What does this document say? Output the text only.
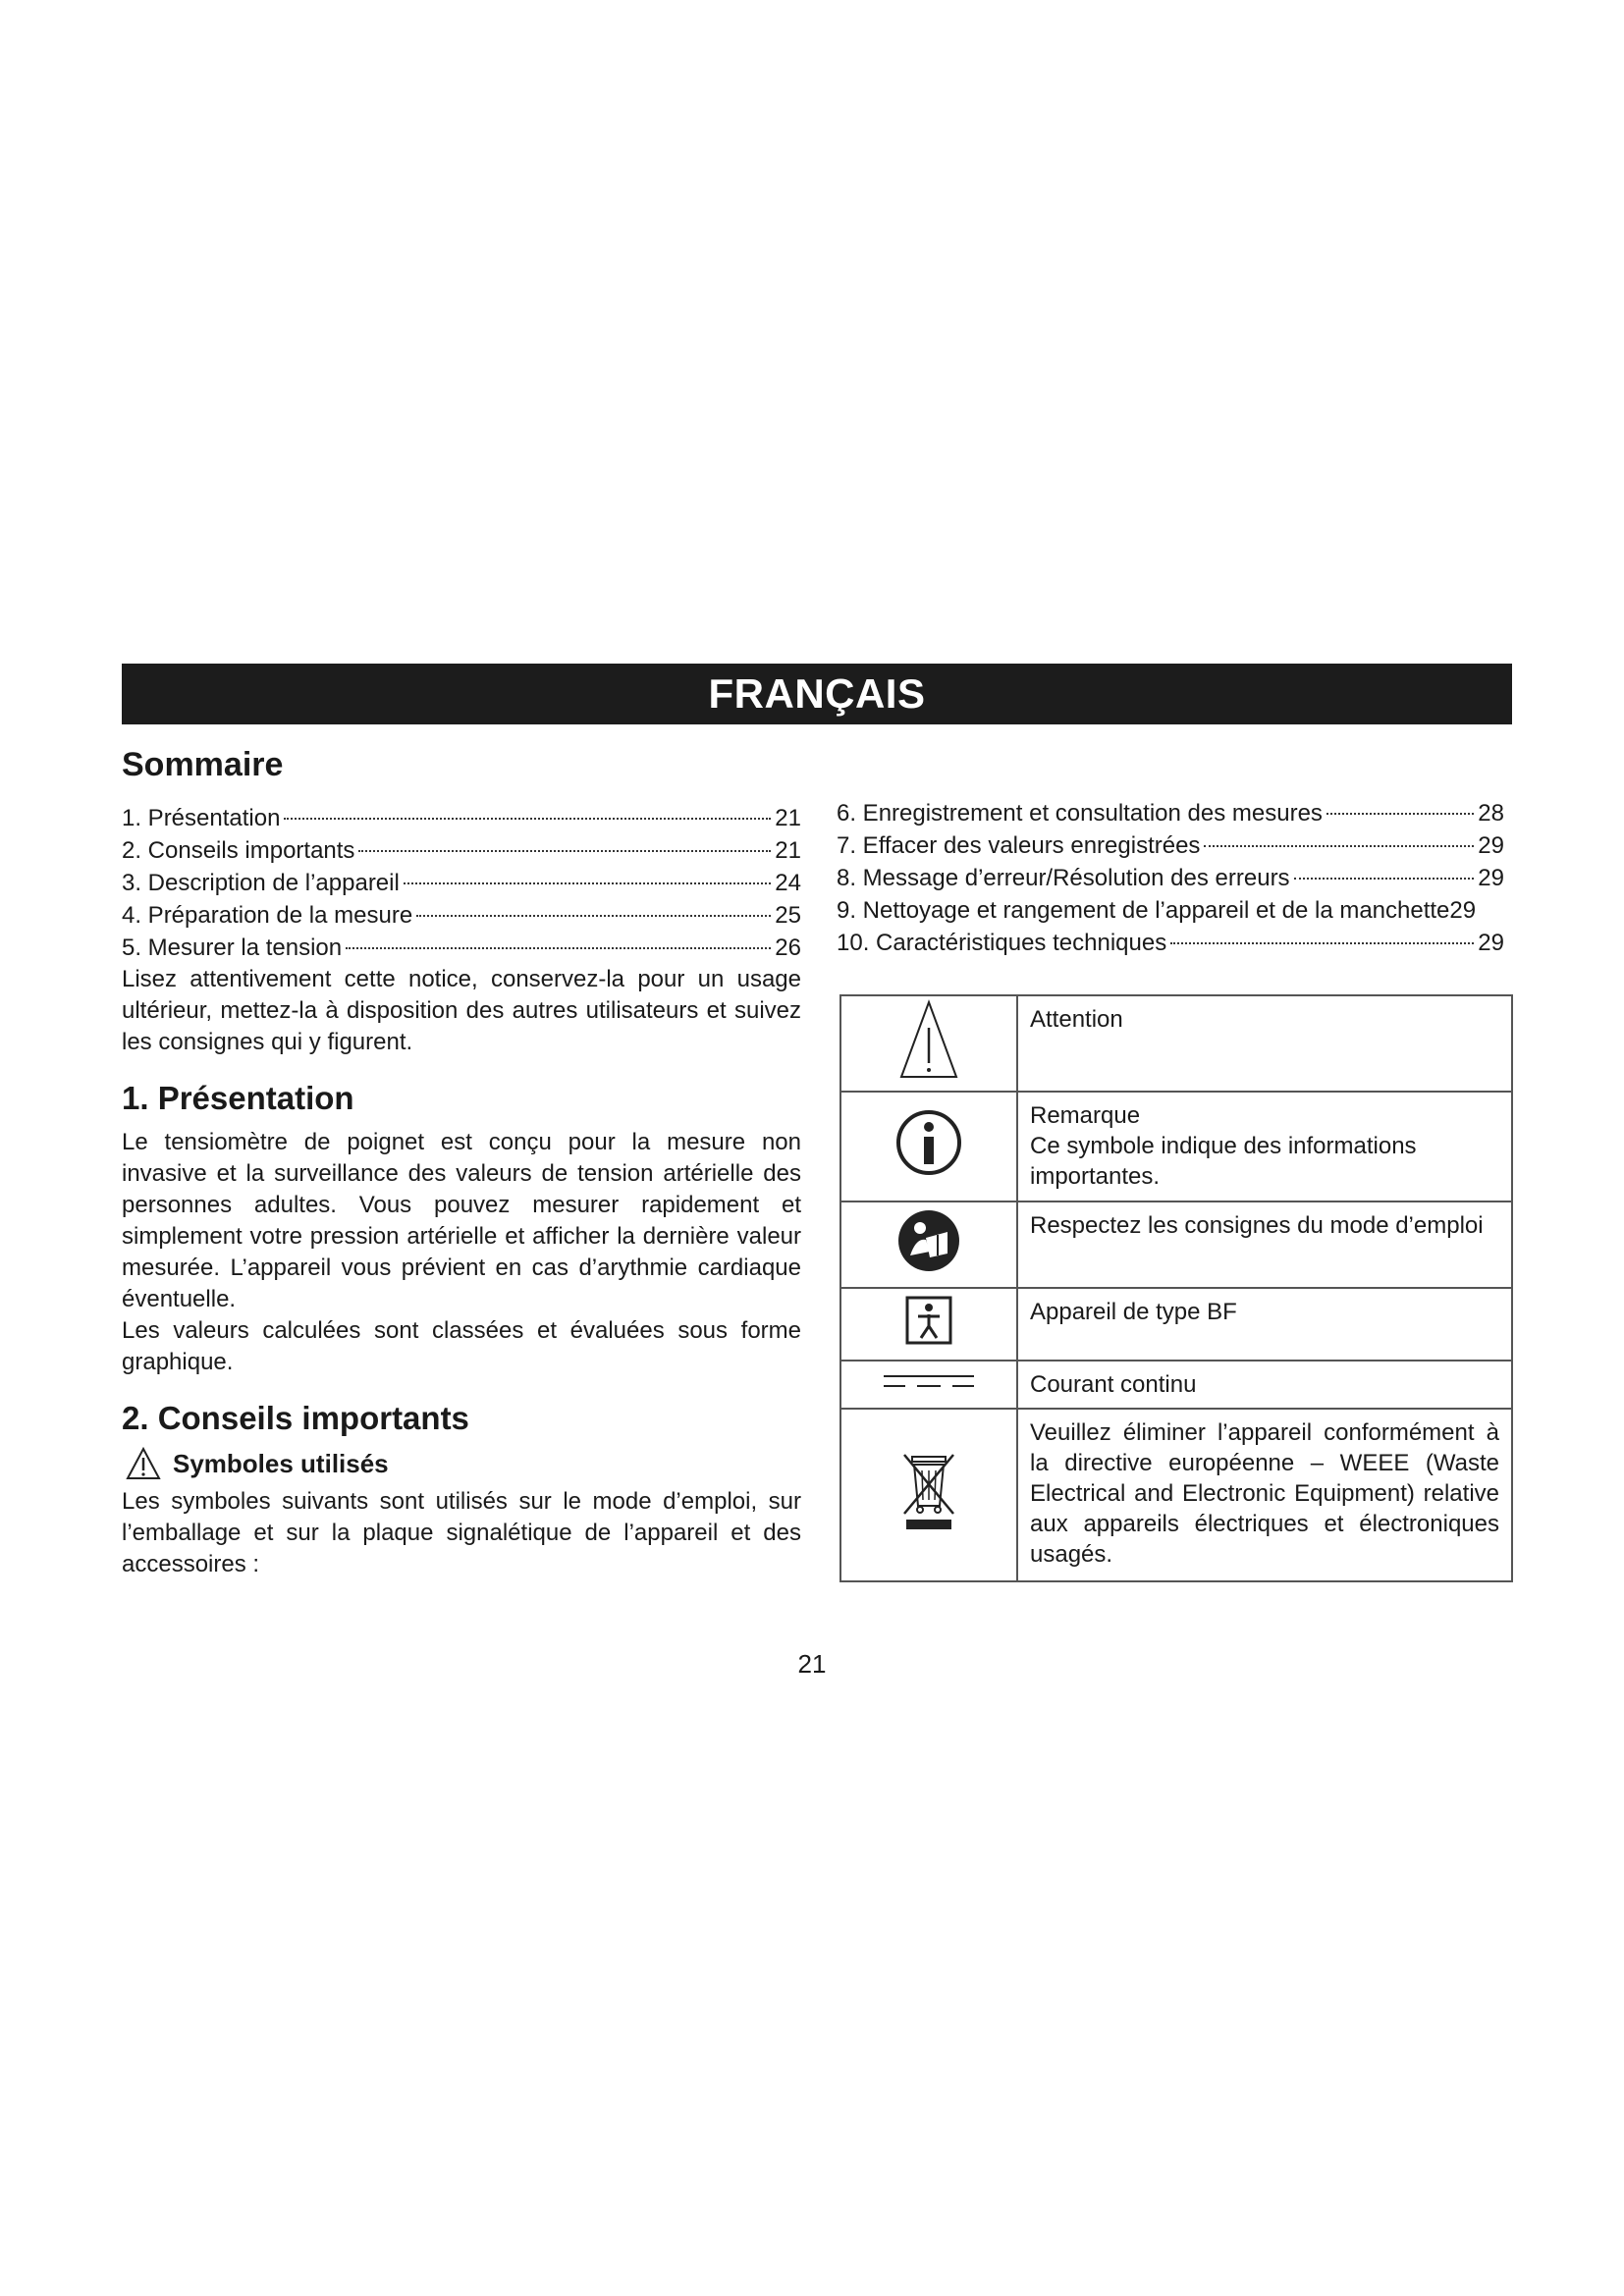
FRANÇAIS
Sommaire
1. Présentation	21
2. Conseils importants	21
3. Description de l’appareil	24
4. Préparation de la mesure	25
5. Mesurer la tension	26

Lisez attentivement cette notice, conservez-la pour un usage ultérieur, mettez-la à disposition des autres utilisateurs et suivez les consignes qui y figurent.

1. Présentation

Le tensiomètre de poignet est conçu pour la mesure non invasive et la surveillance des valeurs de tension artérielle des personnes adultes. Vous pouvez mesurer rapidement et simplement votre pression artérielle et afficher la dernière valeur mesurée. L’appareil vous prévient en cas d’arythmie cardiaque éventuelle.

Les valeurs calculées sont classées et évaluées sous forme graphique.

2. Conseils importants
Symboles utilisés

Les symboles suivants sont utilisés sur le mode d’emploi, sur l’emballage et sur la plaque signalétique de l’appareil et des accessoires :

6. Enregistrement et consultation des mesures	28
7. Effacer des valeurs enregistrées	29
8. Message d’erreur/Résolution des erreurs	29
9. Nettoyage et rangement de l’appareil et de la manchette 29
10. Caractéristiques techniques	29

Attention

Remarque
Ce symbole indique des informations importantes.

Respectez les consignes du mode d’emploi

Appareil de type BF

Courant continu

Veuillez éliminer l’appareil conformément à la directive européenne – WEEE (Waste Electrical and Electronic Equipment) relative aux appareils électriques et électroniques usagés.
21
